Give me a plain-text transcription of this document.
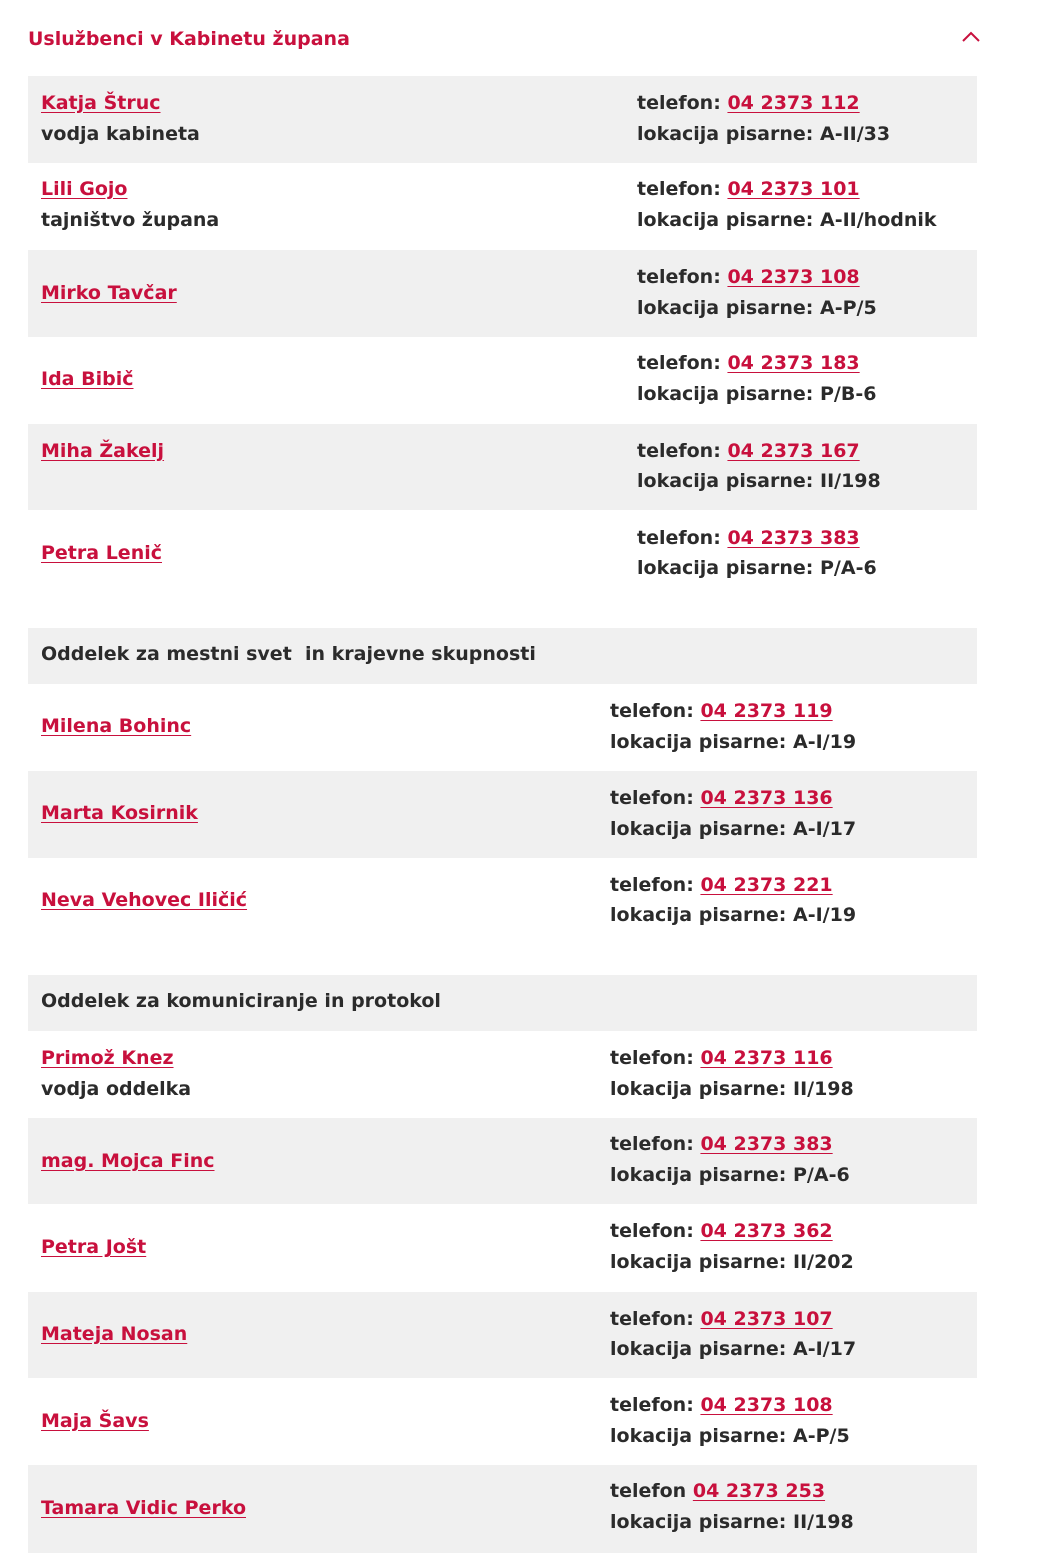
Uslužbenci v Kabinetu župana
Katja Štruc
vodja kabineta
telefon: 04 2373 112
lokacija pisarne: A-II/33
Lili Gojo
tajništvo župana
telefon: 04 2373 101
lokacija pisarne: A-II/hodnik
Mirko Tavčar
telefon: 04 2373 108
lokacija pisarne: A-P/5
Ida Bibič
telefon: 04 2373 183
lokacija pisarne: P/B-6
Miha Žakelj	telefon: 04 2373 167
lokacija pisarne: II/198
Petra Lenič
telefon: 04 2373 383
lokacija pisarne: P/A-6
Oddelek za mestni svet  in krajevne skupnosti
Milena Bohinc
telefon: 04 2373 119
lokacija pisarne: A-I/19
Marta Kosirnik
telefon: 04 2373 136
lokacija pisarne: A-I/17
Neva Vehovec Iličić
telefon: 04 2373 221
lokacija pisarne: A-I/19
Oddelek za komuniciranje in protokol
Primož Knez
vodja oddelka
telefon: 04 2373 116
lokacija pisarne: II/198
mag. Mojca Finc
telefon: 04 2373 383
lokacija pisarne: P/A-6
Petra Jošt
telefon: 04 2373 362
lokacija pisarne: II/202
Mateja Nosan
telefon: 04 2373 107
lokacija pisarne: A-I/17
Maja Šavs
telefon: 04 2373 108
lokacija pisarne: A-P/5
Tamara Vidic Perko
telefon 04 2373 253
lokacija pisarne: II/198
